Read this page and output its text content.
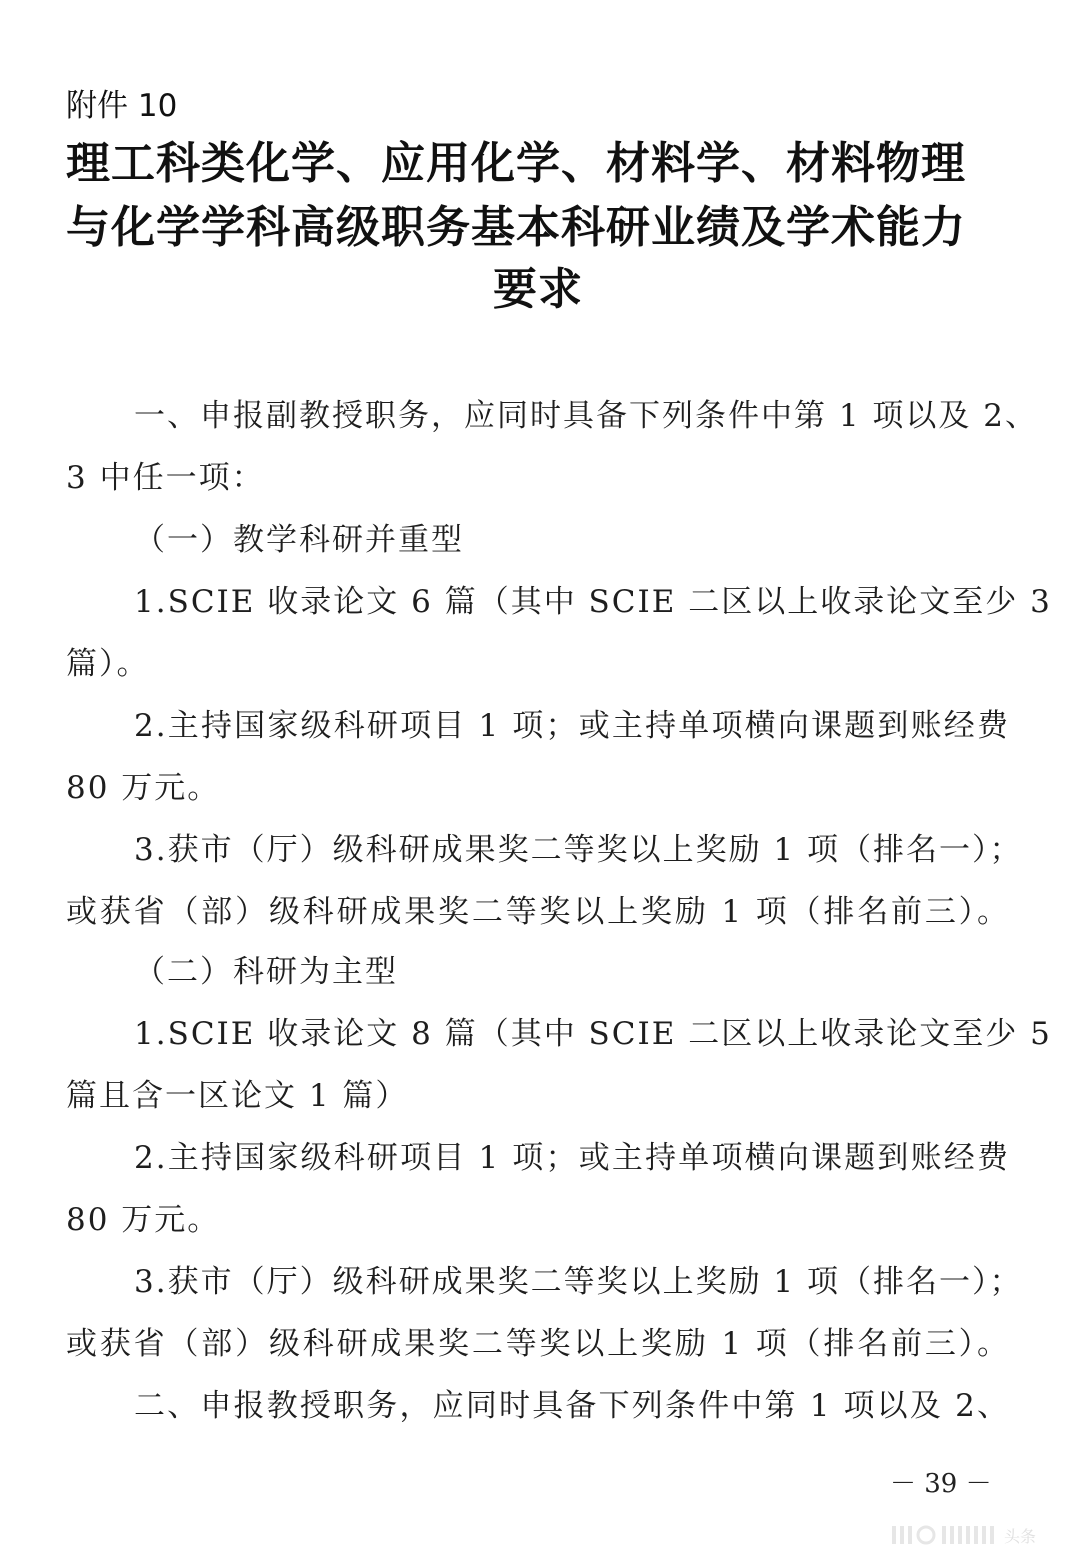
附件 10
理工科类化学、应用化学、材料学、材料物理
与化学学科高级职务基本科研业绩及学术能力
要求
一、申报副教授职务，应同时具备下列条件中第 1 项以及 2、
3 中任一项：
（一）教学科研并重型
1.SCIE 收录论文 6 篇（其中 SCIE 二区以上收录论文至少 3
篇）。
2.主持国家级科研项目 1 项；或主持单项横向课题到账经费
80 万元。
3.获市（厅）级科研成果奖二等奖以上奖励 1 项（排名一）；
或获省（部）级科研成果奖二等奖以上奖励 1 项（排名前三）。
（二）科研为主型
1.SCIE 收录论文 8 篇（其中 SCIE 二区以上收录论文至少 5
篇且含一区论文 1 篇）
2.主持国家级科研项目 1 项；或主持单项横向课题到账经费
80 万元。
3.获市（厅）级科研成果奖二等奖以上奖励 1 项（排名一）；
或获省（部）级科研成果奖二等奖以上奖励 1 项（排名前三）。
二、申报教授职务，应同时具备下列条件中第 1 项以及 2、
－ 39 －
头条
